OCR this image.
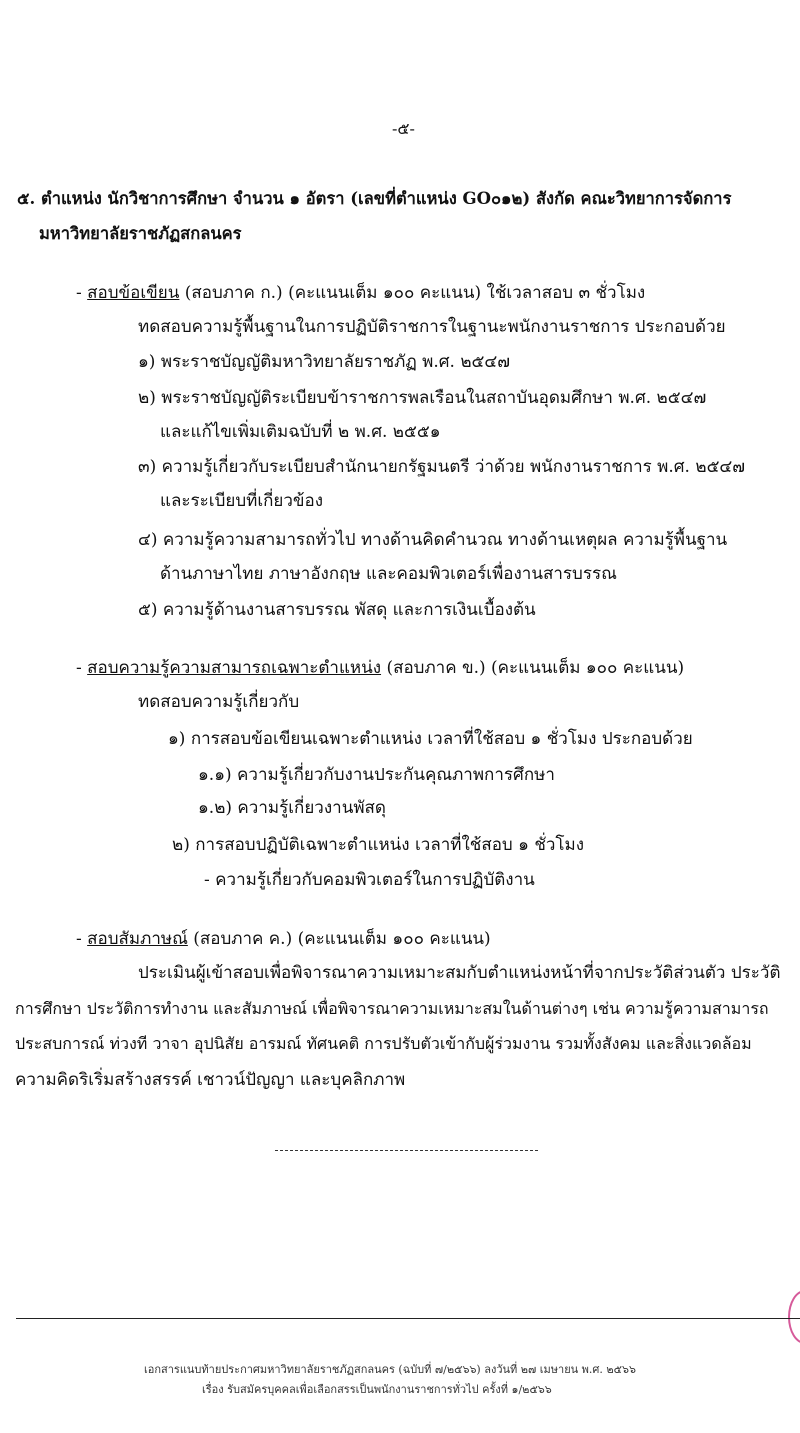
-๕-

๕. ตำแหน่ง นักวิชาการศึกษา จำนวน ๑ อัตรา (เลขที่ตำแหน่ง GO๐๑๒) สังกัด คณะวิทยาการจัดการ

มหาวิทยาลัยราชภัฏสกลนคร

- สอบข้อเขียน (สอบภาค ก.) (คะแนนเต็ม ๑๐๐ คะแนน) ใช้เวลาสอบ ๓ ชั่วโมง

ทดสอบความรู้พื้นฐานในการปฏิบัติราชการในฐานะพนักงานราชการ ประกอบด้วย

๑) พระราชบัญญัติมหาวิทยาลัยราชภัฏ พ.ศ. ๒๕๔๗

๒) พระราชบัญญัติระเบียบข้าราชการพลเรือนในสถาบันอุดมศึกษา พ.ศ. ๒๕๔๗

และแก้ไขเพิ่มเติมฉบับที่ ๒ พ.ศ. ๒๕๕๑

๓) ความรู้เกี่ยวกับระเบียบสำนักนายกรัฐมนตรี ว่าด้วย พนักงานราชการ พ.ศ. ๒๕๔๗

และระเบียบที่เกี่ยวข้อง

๔) ความรู้ความสามารถทั่วไป ทางด้านคิดคำนวณ ทางด้านเหตุผล ความรู้พื้นฐาน

ด้านภาษาไทย ภาษาอังกฤษ และคอมพิวเตอร์เพื่องานสารบรรณ

๕) ความรู้ด้านงานสารบรรณ พัสดุ และการเงินเบื้องต้น

- สอบความรู้ความสามารถเฉพาะตำแหน่ง (สอบภาค ข.) (คะแนนเต็ม ๑๐๐ คะแนน)

ทดสอบความรู้เกี่ยวกับ

๑) การสอบข้อเขียนเฉพาะตำแหน่ง เวลาที่ใช้สอบ ๑ ชั่วโมง ประกอบด้วย

๑.๑) ความรู้เกี่ยวกับงานประกันคุณภาพการศึกษา

๑.๒) ความรู้เกี่ยวงานพัสดุ

๒) การสอบปฏิบัติเฉพาะตำแหน่ง เวลาที่ใช้สอบ ๑ ชั่วโมง

- ความรู้เกี่ยวกับคอมพิวเตอร์ในการปฏิบัติงาน

- สอบสัมภาษณ์ (สอบภาค ค.) (คะแนนเต็ม ๑๐๐ คะแนน)

ประเมินผู้เข้าสอบเพื่อพิจารณาความเหมาะสมกับตำแหน่งหน้าที่จากประวัติส่วนตัว ประวัติ

การศึกษา ประวัติการทำงาน และสัมภาษณ์ เพื่อพิจารณาความเหมาะสมในด้านต่างๆ เช่น ความรู้ความสามารถ

ประสบการณ์ ท่วงที วาจา อุปนิสัย อารมณ์ ทัศนคติ การปรับตัวเข้ากับผู้ร่วมงาน รวมทั้งสังคม และสิ่งแวดล้อม

ความคิดริเริ่มสร้างสรรค์ เชาวน์ปัญญา และบุคลิกภาพ

เอกสารแนบท้ายประกาศมหาวิทยาลัยราชภัฏสกลนคร (ฉบับที่ ๗/๒๕๖๖) ลงวันที่ ๒๗ เมษายน พ.ศ. ๒๕๖๖
เรื่อง รับสมัครบุคคลเพื่อเลือกสรรเป็นพนักงานราชการทั่วไป ครั้งที่ ๑/๒๕๖๖
